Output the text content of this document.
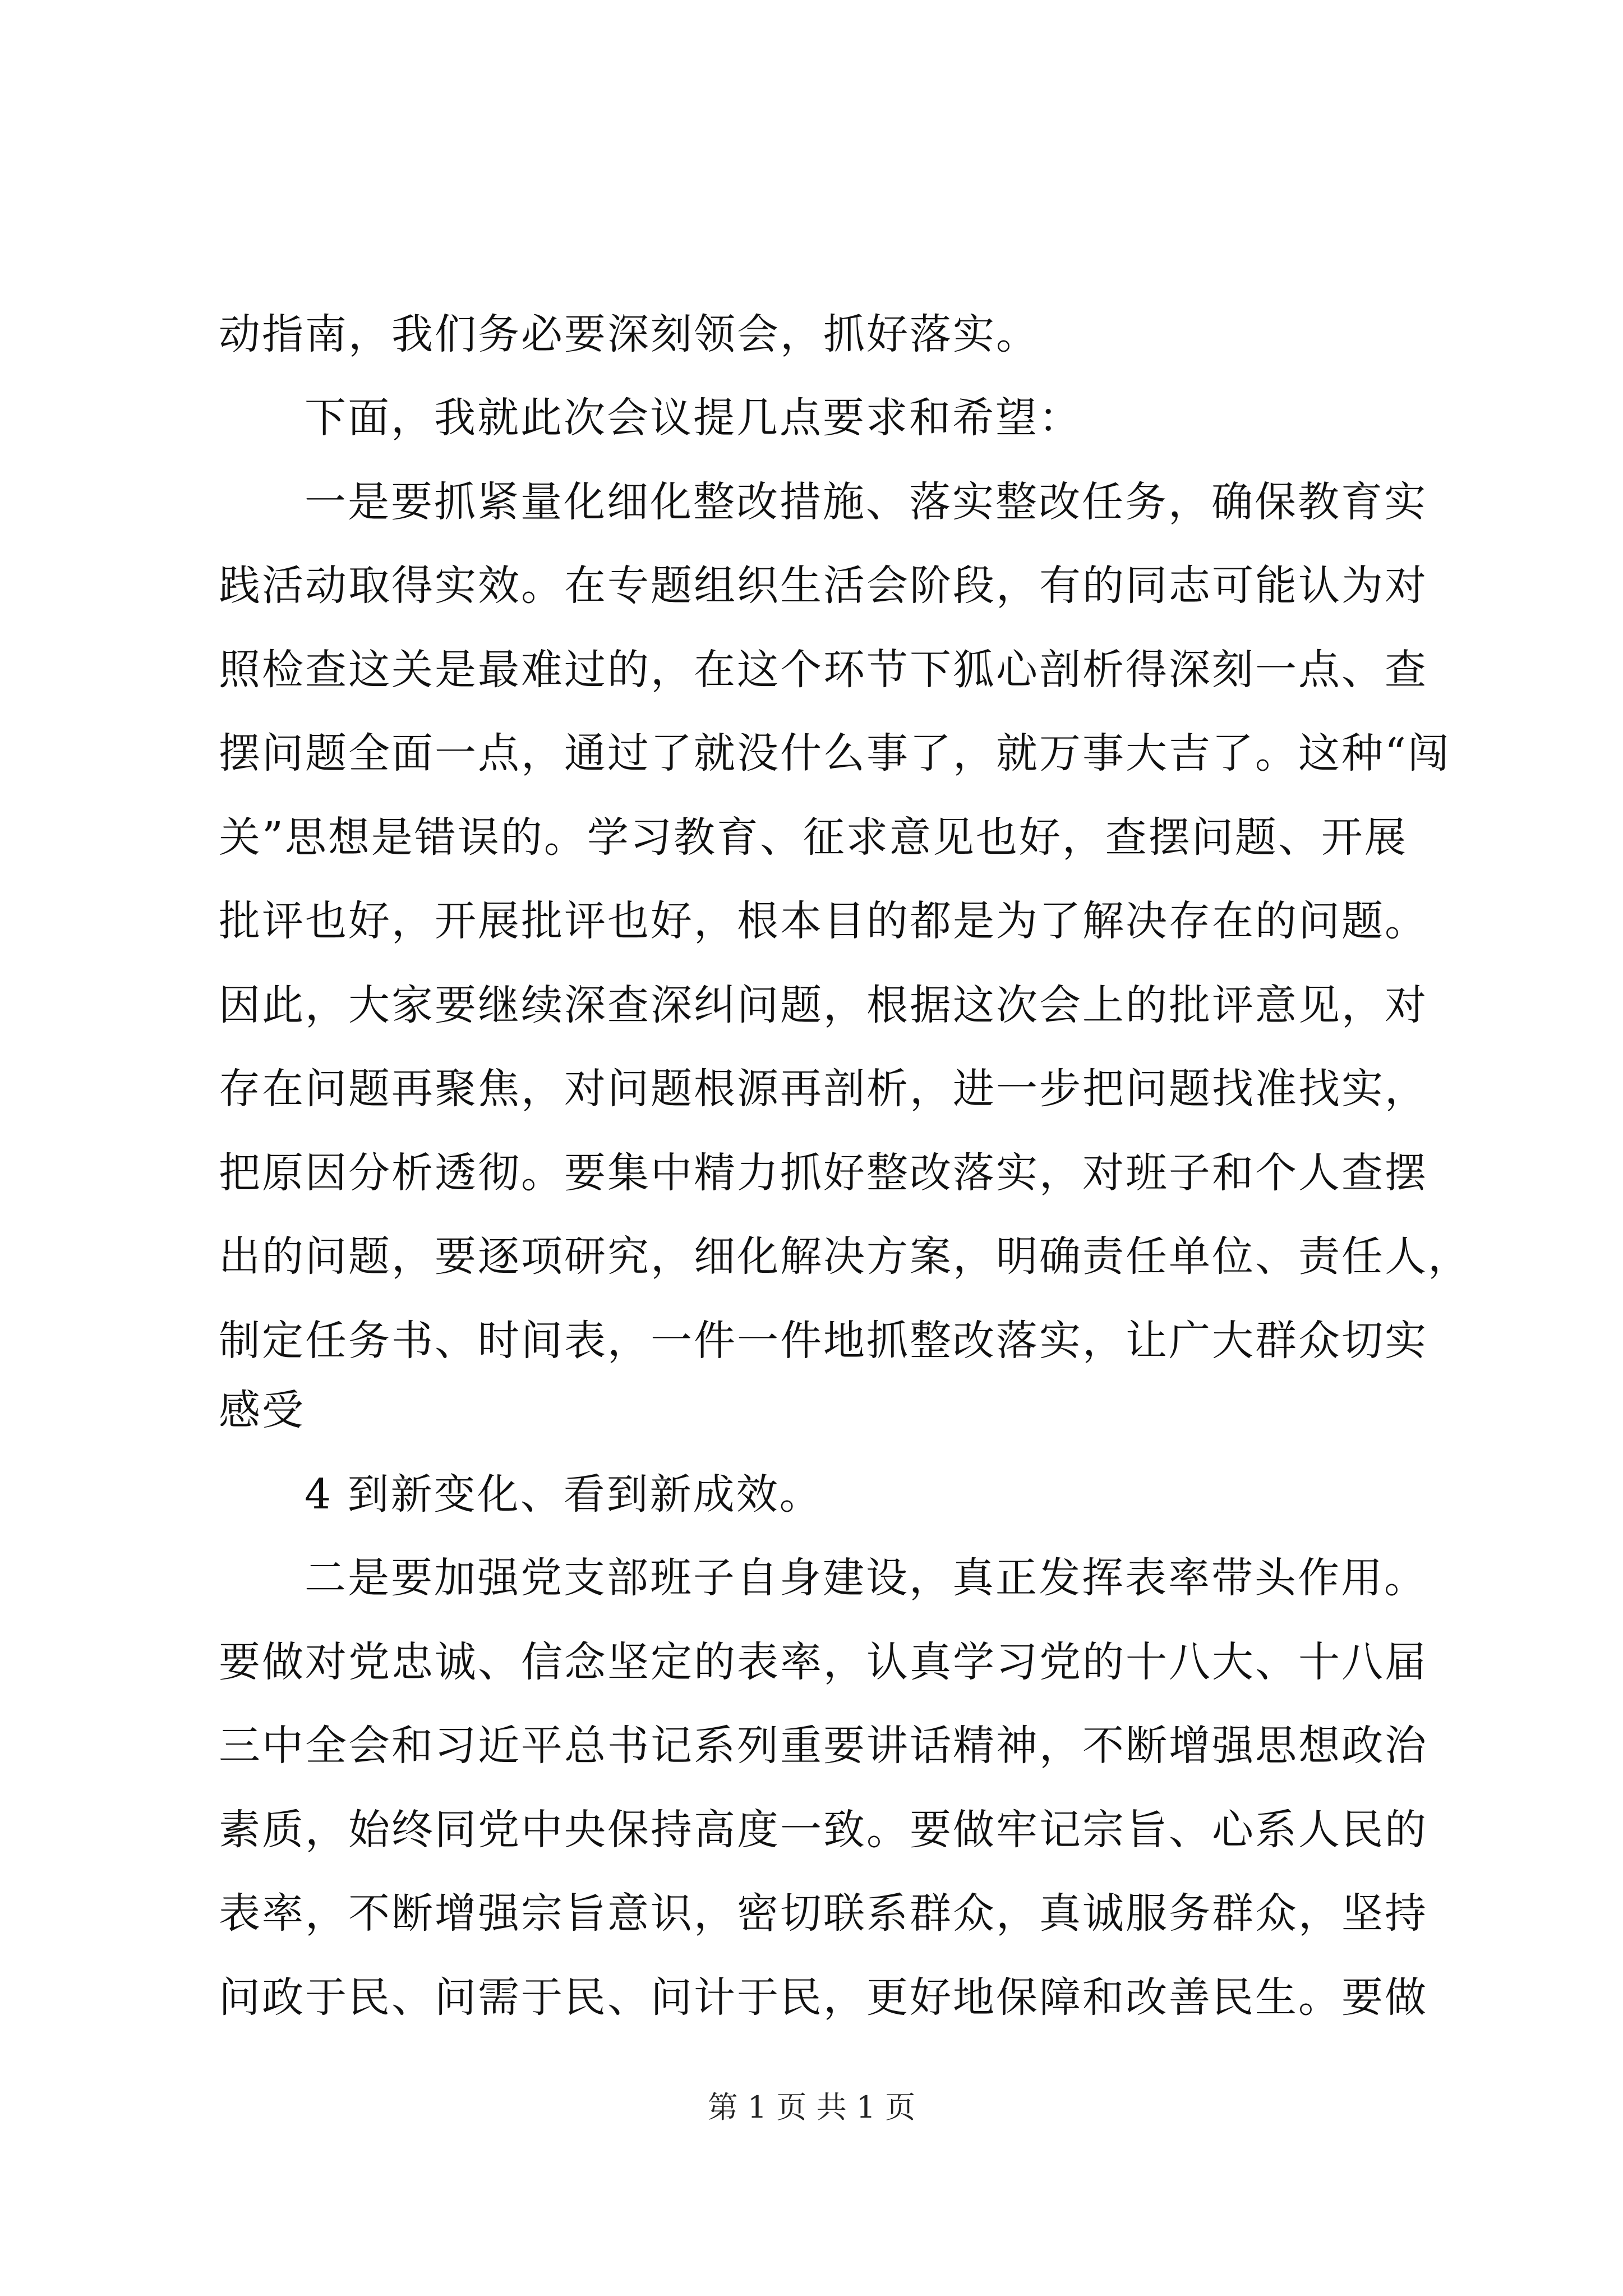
动指南，我们务必要深刻领会，抓好落实。
下面，我就此次会议提几点要求和希望：
一是要抓紧量化细化整改措施、落实整改任务，确保教育实
践活动取得实效。在专题组织生活会阶段，有的同志可能认为对
照检查这关是最难过的，在这个环节下狐心剖析得深刻一点、查
摆问题全面一点，通过了就没什么事了，就万事大吉了。这种“闯
关”思想是错误的。学习教育、征求意见也好，查摆问题、开展
批评也好，开展批评也好，根本目的都是为了解决存在的问题。
因此，大家要继续深查深纠问题，根据这次会上的批评意见，对
存在问题再聚焦，对问题根源再剖析，进一步把问题找准找实，
把原因分析透彻。要集中精力抓好整改落实，对班子和个人查摆
出的问题，要逐项研究，细化解决方案，明确责任单位、责任人，
制定任务书、时间表，一件一件地抓整改落实，让广大群众切实
感受
4 到新变化、看到新成效。
二是要加强党支部班子自身建设，真正发挥表率带头作用。
要做对党忠诚、信念坚定的表率，认真学习党的十八大、十八届
三中全会和习近平总书记系列重要讲话精神，不断增强思想政治
素质，始终同党中央保持高度一致。要做牢记宗旨、心系人民的
表率，不断增强宗旨意识，密切联系群众，真诚服务群众，坚持
问政于民、问需于民、问计于民，更好地保障和改善民生。要做
第 1 页 共 1 页
